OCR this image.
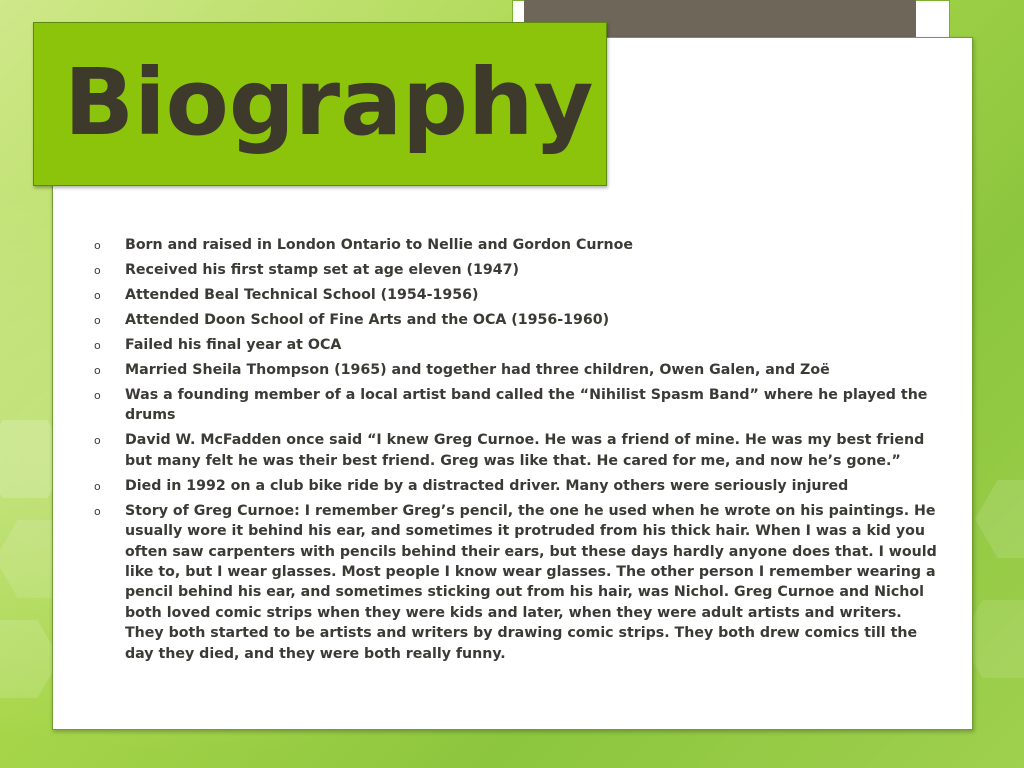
Biography
o Born and raised in London Ontario to Nellie and Gordon Curnoe
o Received his first stamp set at age eleven (1947)
o Attended Beal Technical School (1954-1956)
o Attended Doon School of Fine Arts and the OCA (1956-1960)
o Failed his final year at OCA
o Married Sheila Thompson (1965) and together had three children, Owen Galen, and Zoë
o Was a founding member of a local artist band called the “Nihilist Spasm Band” where he played the drums
o David W. McFadden once said “I knew Greg Curnoe. He was a friend of mine. He was my best friend but many felt he was their best friend. Greg was like that. He cared for me, and now he’s gone.”
o Died in 1992 on a club bike ride by a distracted driver. Many others were seriously injured
o Story of Greg Curnoe: I remember Greg’s pencil, the one he used when he wrote on his paintings. He usually wore it behind his ear, and sometimes it protruded from his thick hair. When I was a kid you often saw carpenters with pencils behind their ears, but these days hardly anyone does that. I would like to, but I wear glasses. Most people I know wear glasses. The other person I remember wearing a pencil behind his ear, and sometimes sticking out from his hair, was Nichol. Greg Curnoe and Nichol both loved comic strips when they were kids and later, when they were adult artists and writers. They both started to be artists and writers by drawing comic strips. They both drew comics till the day they died, and they were both really funny.
